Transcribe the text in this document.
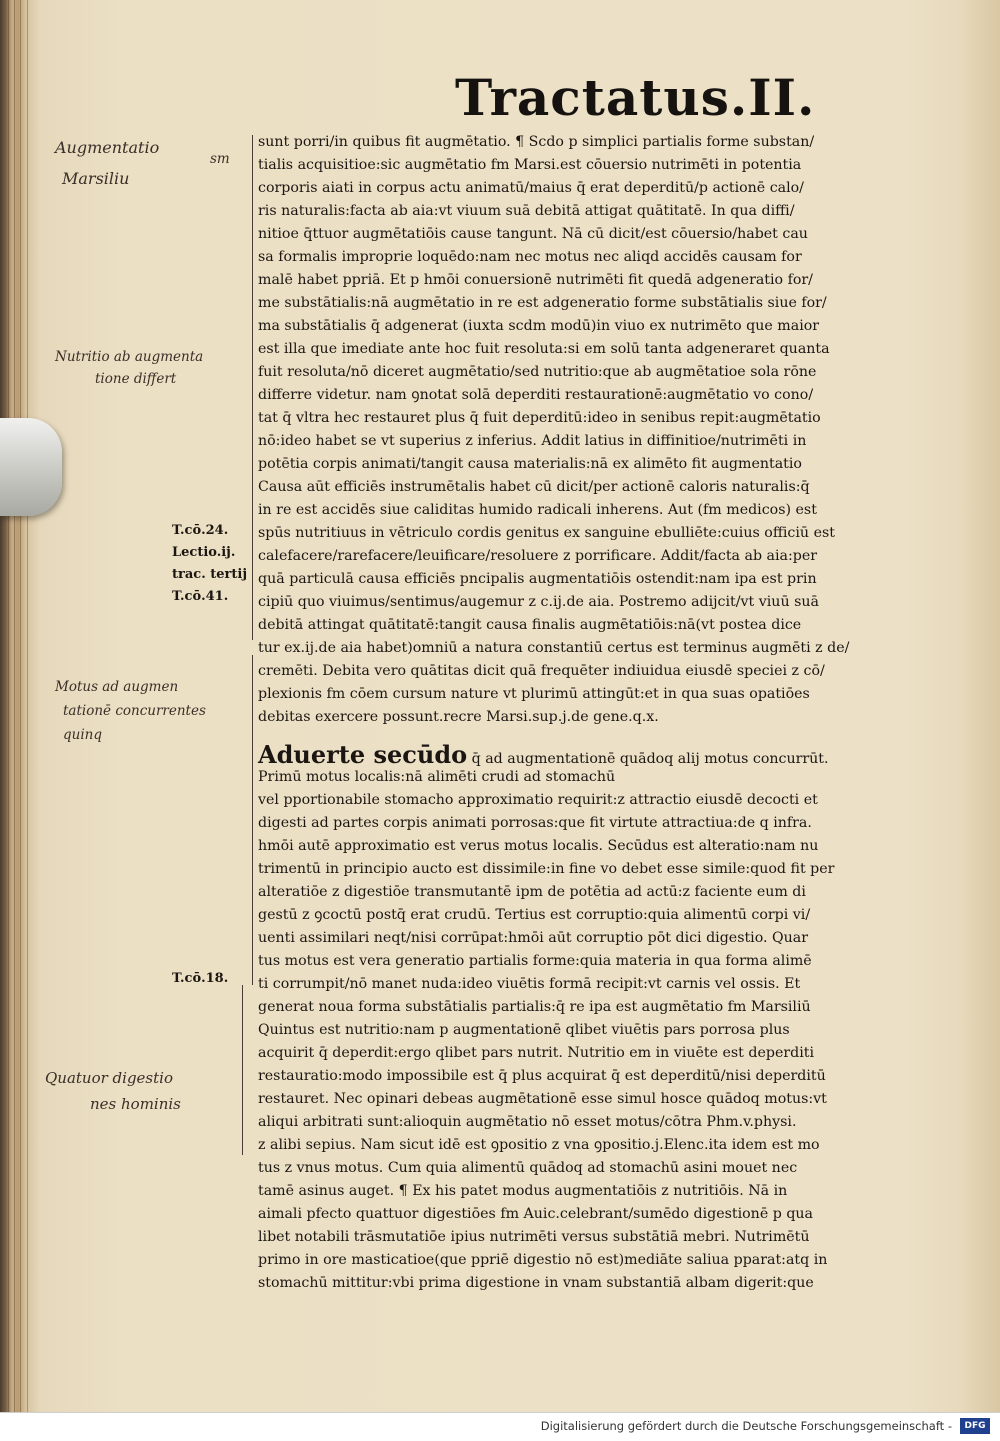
Tractatus.II.
sunt porri/in quibus fit augmētatio. ¶ Scdo p simplici partialis forme substan/
tialis acquisitioe:sic augmētatio fm Marsi.est cōuersio nutrimēti in potentia
corporis aiati in corpus actu animatū/maius q̄ erat deperditū/p actionē calo/
ris naturalis:facta ab aia:vt viuum suā debitā attigat quātitatē. In qua diffi/
nitioe q̄ttuor augmētatiōis cause tangunt. Nā cū dicit/est cōuersio/habet cau
sa formalis improprie loquēdo:nam nec motus nec aliqd accidēs causam for
malē habet ppriā. Et p hmōi conuersionē nutrimēti fit quedā adgeneratio for/
me substātialis:nā augmētatio in re est adgeneratio forme substātialis siue for/
ma substātialis q̄ adgenerat (iuxta scdm modū)in viuo ex nutrimēto que maior
est illa que imediate ante hoc fuit resoluta:si em solū tanta adgeneraret quanta
fuit resoluta/nō diceret augmētatio/sed nutritio:que ab augmētatioe sola rōne
differre videtur. nam ꝯnotat solā deperditi restaurationē:augmētatio vo cono/
tat q̄ vltra hec restauret plus q̄ fuit deperditū:ideo in senibus repit:augmētatio
nō:ideo habet se vt superius z inferius. Addit latius in diffinitioe/nutrimēti in
potētia corpis animati/tangit causa materialis:nā ex alimēto fit augmentatio
Causa aūt efficiēs instrumētalis habet cū dicit/per actionē caloris naturalis:q̄
in re est accidēs siue caliditas humido radicali inherens. Aut (fm medicos) est
spūs nutritiuus in vētriculo cordis genitus ex sanguine ebulliēte:cuius officiū est
calefacere/rarefacere/leuificare/resoluere z porrificare. Addit/facta ab aia:per
quā particulā causa efficiēs pncipalis augmentatiōis ostendit:nam ipa est prin
cipiū quo viuimus/sentimus/augemur z c.ij.de aia. Postremo adijcit/vt viuū suā
debitā attingat quātitatē:tangit causa finalis augmētatiōis:nā(vt postea dice
tur ex.ij.de aia habet)omniū a natura constantiū certus est terminus augmēti z de/
cremēti. Debita vero quātitas dicit quā frequēter indiuidua eiusdē speciei z cō/
plexionis fm cōem cursum nature vt plurimū attingūt:et in qua suas opatiōes
debitas exercere possunt.recre Marsi.sup.j.de gene.q.x.
Aduerte secūdo q̄ ad augmentationē quādoq alij motus concurrūt.
Primū motus localis:nā alimēti crudi ad stomachū
vel pportionabile stomacho approximatio requirit:z attractio eiusdē decocti et
digesti ad partes corpis animati porrosas:que fit virtute attractiua:de q infra.
hmōi autē approximatio est verus motus localis. Secūdus est alteratio:nam nu
trimentū in principio aucto est dissimile:in fine vo debet esse simile:quod fit per
alteratiōe z digestiōe transmutantē ipm de potētia ad actū:z faciente eum di
gestū z ꝯcoctū postq̄ erat crudū. Tertius est corruptio:quia alimentū corpi vi/
uenti assimilari neqt/nisi corrūpat:hmōi aūt corruptio pōt dici digestio. Quar
tus motus est vera generatio partialis forme:quia materia in qua forma alimē
ti corrumpit/nō manet nuda:ideo viuētis formā recipit:vt carnis vel ossis. Et
generat noua forma substātialis partialis:q̄ re ipa est augmētatio fm Marsiliū
Quintus est nutritio:nam p augmentationē qlibet viuētis pars porrosa plus
acquirit q̄ deperdit:ergo qlibet pars nutrit. Nutritio em in viuēte est deperditi
restauratio:modo impossibile est q̄ plus acquirat q̄ est deperditū/nisi deperditū
restauret. Nec opinari debeas augmētationē esse simul hosce quādoq motus:vt
aliqui arbitrati sunt:alioquin augmētatio nō esset motus/cōtra Phm.v.physi.
z alibi sepius. Nam sicut idē est ꝯpositio z vna ꝯpositio.j.Elenc.ita idem est mo
tus z vnus motus. Cum quia alimentū quādoq ad stomachū asini mouet nec
tamē asinus auget. ¶ Ex his patet modus augmentatiōis z nutritiōis. Nā in
aimali pfecto quattuor digestiōes fm Auic.celebrant/sumēdo digestionē p qua
libet notabili trāsmutatiōe ipius nutrimēti versus substātiā mebri. Nutrimētū
primo in ore masticatioe(que ppriē digestio nō est)mediāte saliua pparat:atq in
stomachū mittitur:vbi prima digestione in vnam substantiā albam digerit:que
T.cō.24.
Lectio.ij.
trac. tertij
T.cō.41.
T.cō.18.
Augmentatio
sm
Marsiliu
Nutritio ab augmenta
tione differt
Motus ad augmen
tationē concurrentes
quinq
Quatuor digestio
nes hominis
Digitalisierung gefördert durch die Deutsche Forschungsgemeinschaft -	DFG
